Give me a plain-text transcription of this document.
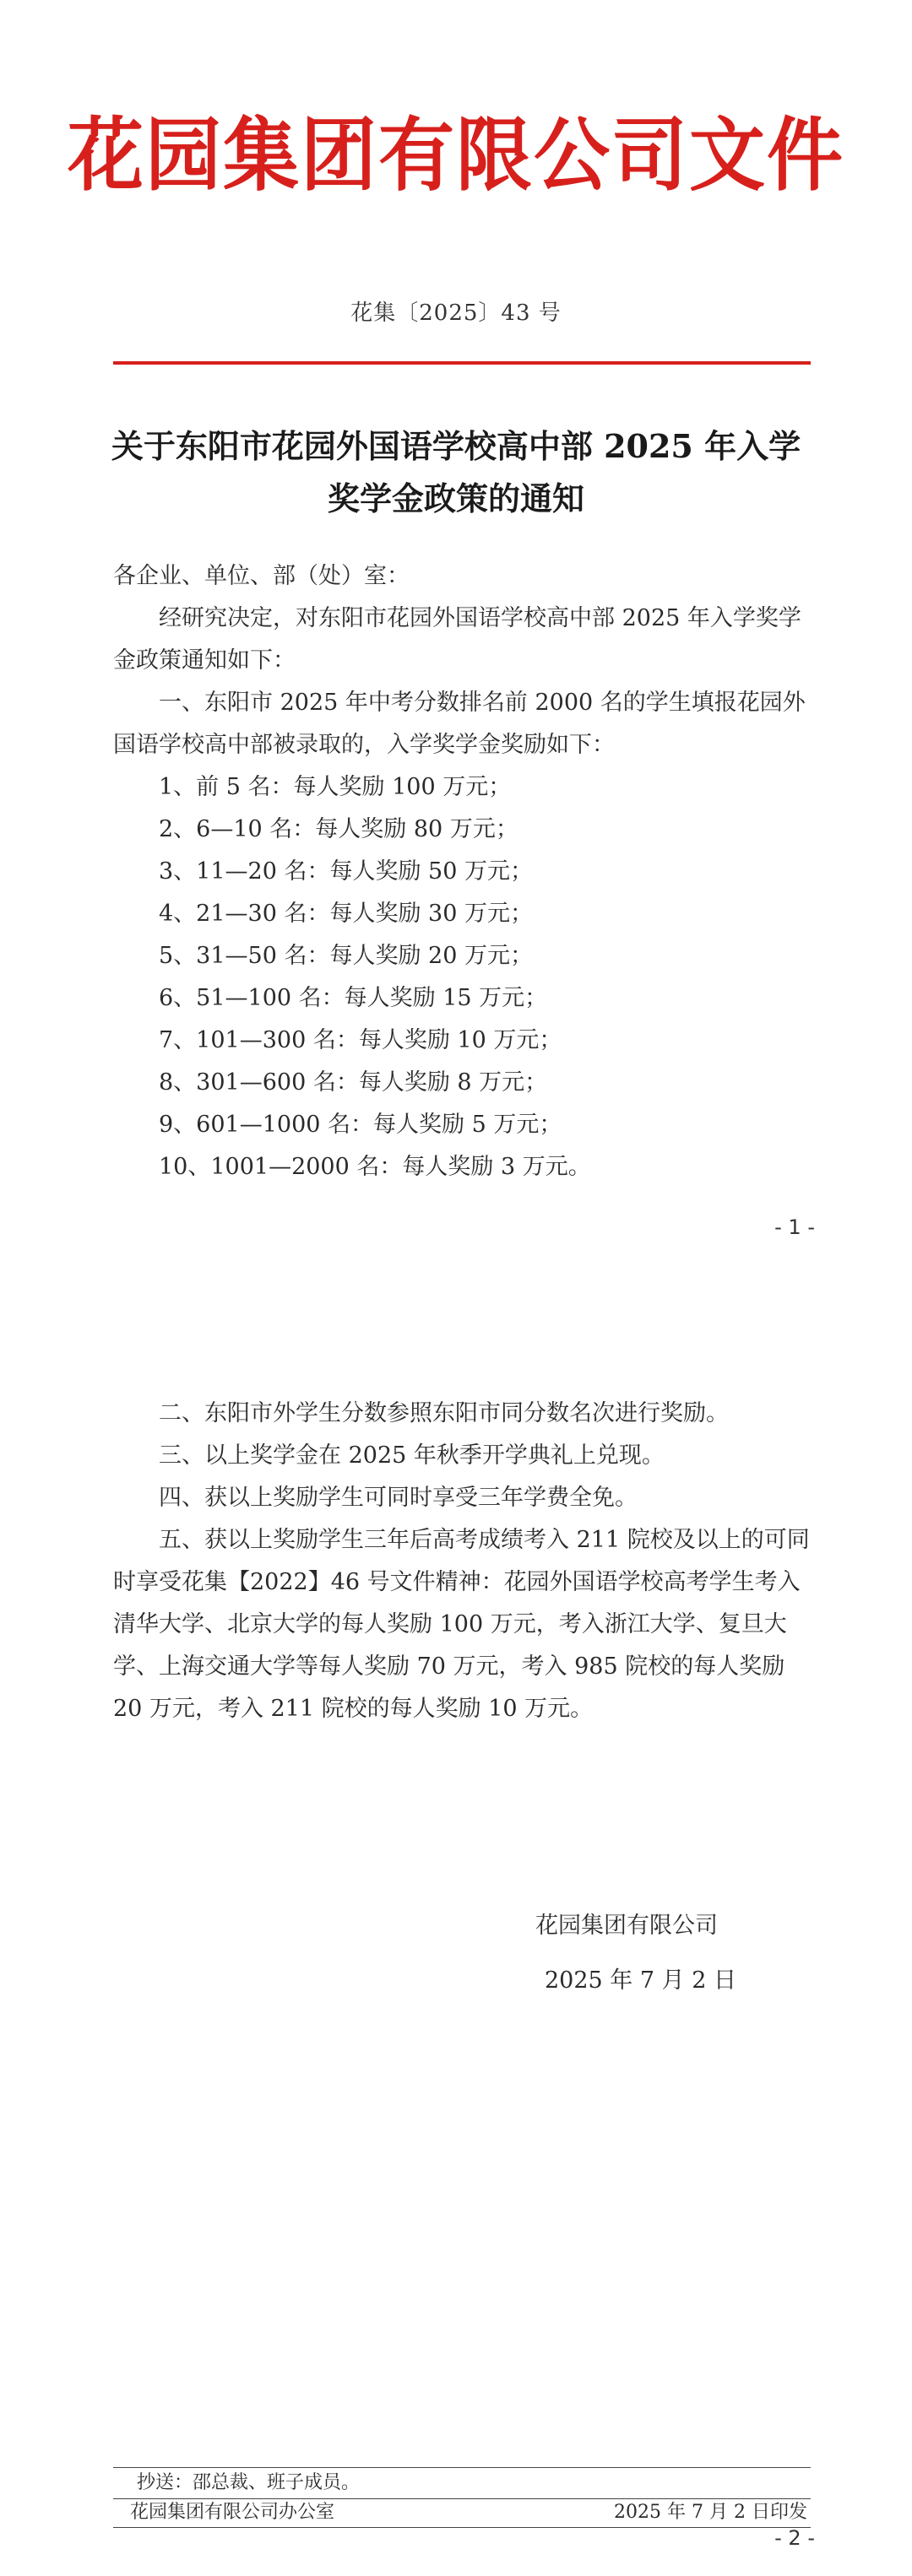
花园集团有限公司文件
花集〔2025〕43 号
关于东阳市花园外国语学校高中部 2025 年入学
奖学金政策的通知
各企业、单位、部（处）室：

经研究决定，对东阳市花园外国语学校高中部 2025 年入学奖学金政策通知如下：

一、东阳市 2025 年中考分数排名前 2000 名的学生填报花园外国语学校高中部被录取的，入学奖学金奖励如下：

1、前 5 名：每人奖励 100 万元；
2、6—10 名：每人奖励 80 万元；
3、11—20 名：每人奖励 50 万元；
4、21—30 名：每人奖励 30 万元；
5、31—50 名：每人奖励 20 万元；
6、51—100 名：每人奖励 15 万元；
7、101—300 名：每人奖励 10 万元；
8、301—600 名：每人奖励 8 万元；
9、601—1000 名：每人奖励 5 万元；
10、1001—2000 名：每人奖励 3 万元。
- 1 -

二、东阳市外学生分数参照东阳市同分数名次进行奖励。

三、以上奖学金在 2025 年秋季开学典礼上兑现。

四、获以上奖励学生可同时享受三年学费全免。

五、获以上奖励学生三年后高考成绩考入 211 院校及以上的可同时享受花集【2022】46 号文件精神：花园外国语学校高考学生考入清华大学、北京大学的每人奖励 100 万元，考入浙江大学、复旦大学、上海交通大学等每人奖励 70 万元，考入 985 院校的每人奖励 20 万元，考入 211 院校的每人奖励 10 万元。

花园集团有限公司
2025 年 7 月 2 日
抄送：邵总裁、班子成员。
花园集团有限公司办公室	2025 年 7 月 2 日印发
- 2 -
